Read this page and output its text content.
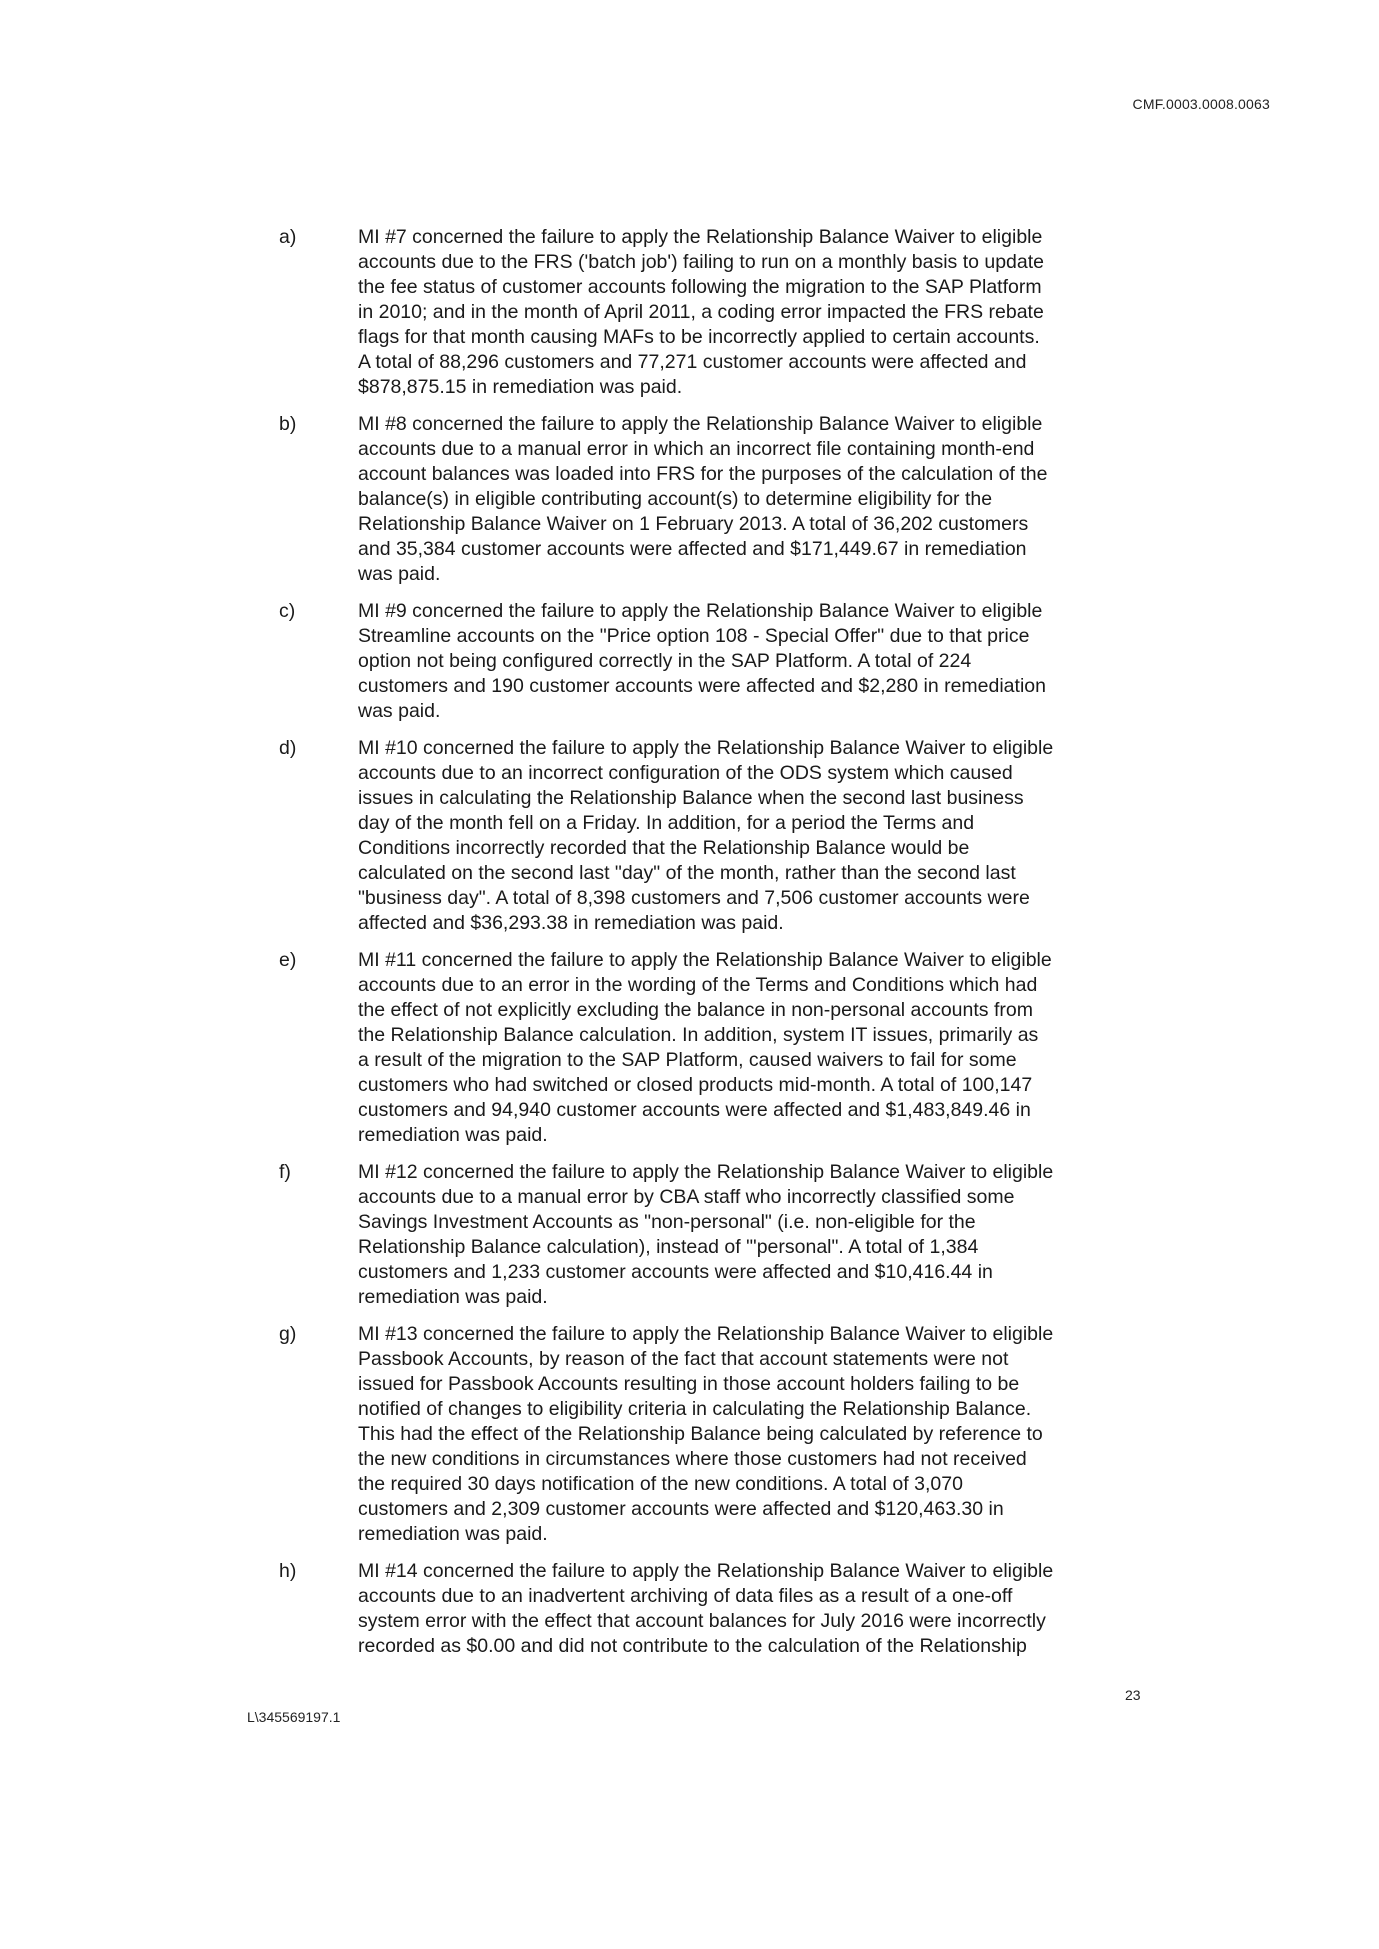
CMF.0003.0008.0063
a)	MI #7 concerned the failure to apply the Relationship Balance Waiver to eligible
accounts due to the FRS ('batch job') failing to run on a monthly basis to update
the fee status of customer accounts following the migration to the SAP Platform
in 2010; and in the month of April 2011, a coding error impacted the FRS rebate
flags for that month causing MAFs to be incorrectly applied to certain accounts.
A total of 88,296 customers and 77,271 customer accounts were affected and
$878,875.15 in remediation was paid.
b)	MI #8 concerned the failure to apply the Relationship Balance Waiver to eligible
accounts due to a manual error in which an incorrect file containing month-end
account balances was loaded into FRS for the purposes of the calculation of the
balance(s) in eligible contributing account(s) to determine eligibility for the
Relationship Balance Waiver on 1 February 2013. A total of 36,202 customers
and 35,384 customer accounts were affected and $171,449.67 in remediation
was paid.
c)	MI #9 concerned the failure to apply the Relationship Balance Waiver to eligible
Streamline accounts on the "Price option 108 - Special Offer" due to that price
option not being configured correctly in the SAP Platform. A total of 224
customers and 190 customer accounts were affected and $2,280 in remediation
was paid.
d)	MI #10 concerned the failure to apply the Relationship Balance Waiver to eligible
accounts due to an incorrect configuration of the ODS system which caused
issues in calculating the Relationship Balance when the second last business
day of the month fell on a Friday. In addition, for a period the Terms and
Conditions incorrectly recorded that the Relationship Balance would be
calculated on the second last "day" of the month, rather than the second last
"business day". A total of 8,398 customers and 7,506 customer accounts were
affected and $36,293.38 in remediation was paid.
e)	MI #11 concerned the failure to apply the Relationship Balance Waiver to eligible
accounts due to an error in the wording of the Terms and Conditions which had
the effect of not explicitly excluding the balance in non-personal accounts from
the Relationship Balance calculation. In addition, system IT issues, primarily as
a result of the migration to the SAP Platform, caused waivers to fail for some
customers who had switched or closed products mid-month. A total of 100,147
customers and 94,940 customer accounts were affected and $1,483,849.46 in
remediation was paid.
f)	MI #12 concerned the failure to apply the Relationship Balance Waiver to eligible
accounts due to a manual error by CBA staff who incorrectly classified some
Savings Investment Accounts as "non-personal" (i.e. non-eligible for the
Relationship Balance calculation), instead of "'personal". A total of 1,384
customers and 1,233 customer accounts were affected and $10,416.44 in
remediation was paid.
g)	MI #13 concerned the failure to apply the Relationship Balance Waiver to eligible
Passbook Accounts, by reason of the fact that account statements were not
issued for Passbook Accounts resulting in those account holders failing to be
notified of changes to eligibility criteria in calculating the Relationship Balance.
This had the effect of the Relationship Balance being calculated by reference to
the new conditions in circumstances where those customers had not received
the required 30 days notification of the new conditions. A total of 3,070
customers and 2,309 customer accounts were affected and $120,463.30 in
remediation was paid.
h)	MI #14 concerned the failure to apply the Relationship Balance Waiver to eligible
accounts due to an inadvertent archiving of data files as a result of a one-off
system error with the effect that account balances for July 2016 were incorrectly
recorded as $0.00 and did not contribute to the calculation of the Relationship
23
L\345569197.1
